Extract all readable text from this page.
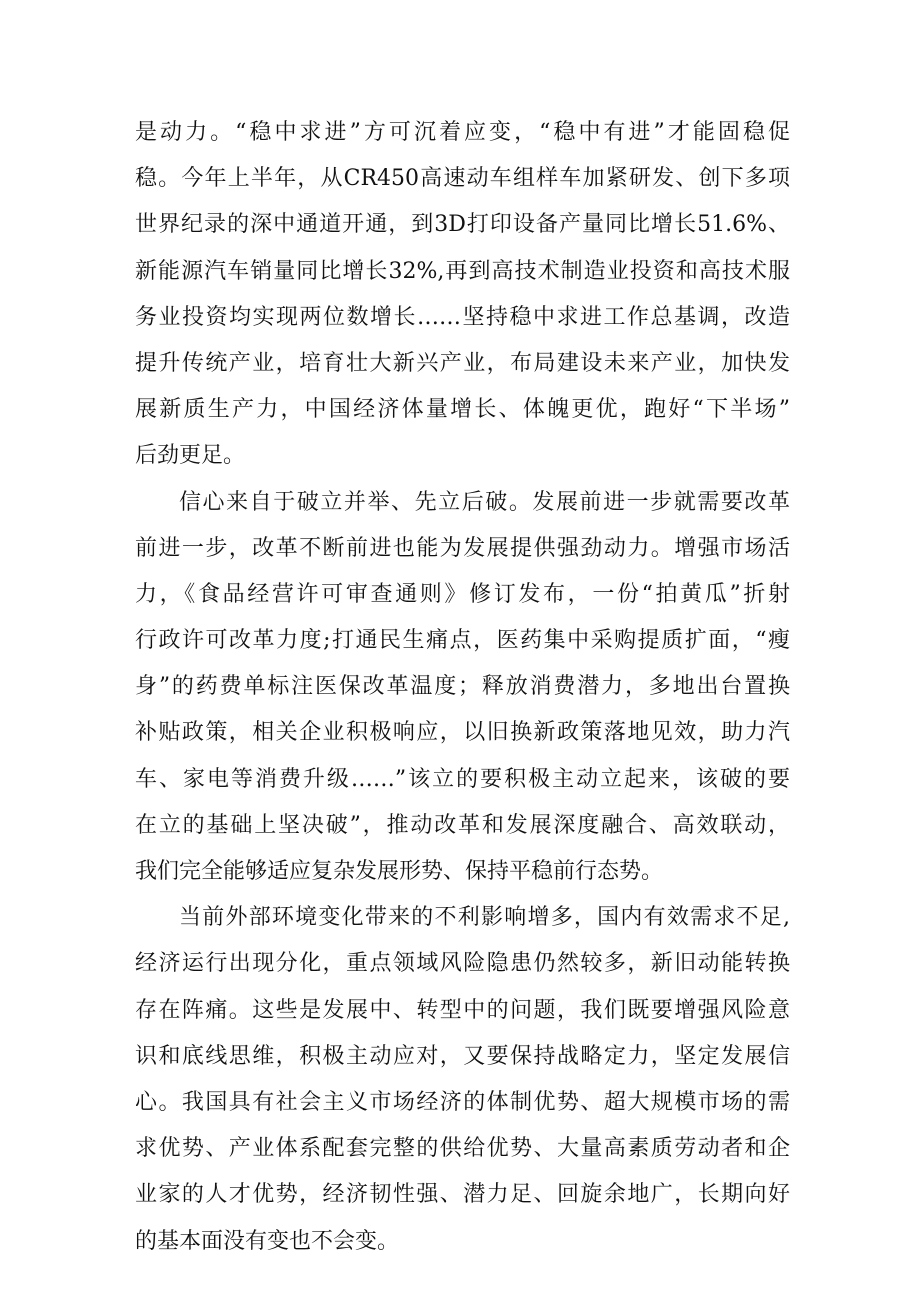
是动力。“稳中求进”方可沉着应变，“稳中有进”才能固稳促
稳。今年上半年，从CR450高速动车组样车加紧研发、创下多项
世界纪录的深中通道开通，到3D打印设备产量同比增长51.6%、
新能源汽车销量同比增长32%,再到高技术制造业投资和高技术服
务业投资均实现两位数增长……坚持稳中求进工作总基调，改造
提升传统产业，培育壮大新兴产业，布局建设未来产业，加快发
展新质生产力，中国经济体量增长、体魄更优，跑好“下半场”
后劲更足。
信心来自于破立并举、先立后破。发展前进一步就需要改革
前进一步，改革不断前进也能为发展提供强劲动力。增强市场活
力，《食品经营许可审查通则》修订发布，一份“拍黄瓜”折射
行政许可改革力度;打通民生痛点，医药集中采购提质扩面，“瘦
身”的药费单标注医保改革温度；释放消费潜力，多地出台置换
补贴政策，相关企业积极响应，以旧换新政策落地见效，助力汽
车、家电等消费升级……”该立的要积极主动立起来，该破的要
在立的基础上坚决破”，推动改革和发展深度融合、高效联动，
我们完全能够适应复杂发展形势、保持平稳前行态势。
当前外部环境变化带来的不利影响增多，国内有效需求不足,
经济运行出现分化，重点领域风险隐患仍然较多，新旧动能转换
存在阵痛。这些是发展中、转型中的问题，我们既要增强风险意
识和底线思维，积极主动应对，又要保持战略定力，坚定发展信
心。我国具有社会主义市场经济的体制优势、超大规模市场的需
求优势、产业体系配套完整的供给优势、大量高素质劳动者和企
业家的人才优势，经济韧性强、潜力足、回旋余地广，长期向好
的基本面没有变也不会变。
